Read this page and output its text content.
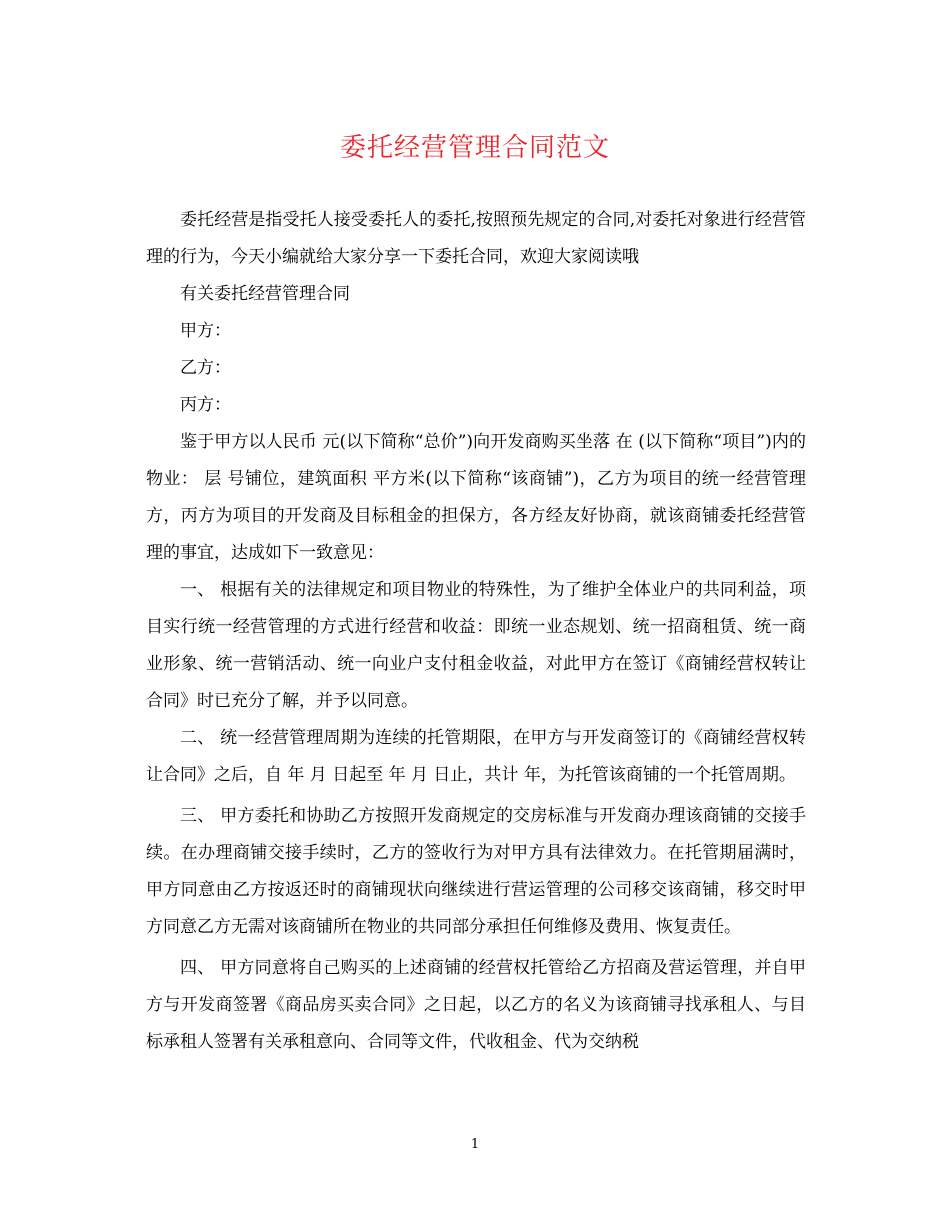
委托经营管理合同范文

委托经营是指受托人接受委托人的委托,按照预先规定的合同,对委托对象进行经营管理的行为，今天小编就给大家分享一下委托合同，欢迎大家阅读哦

有关委托经营管理合同

甲方：

乙方：

丙方：

鉴于甲方以人民币 元(以下简称“总价”)向开发商购买坐落 在 (以下简称“项目”)内的物业： 层 号铺位，建筑面积 平方米(以下简称“该商铺”)，乙方为项目的统一经营管理方，丙方为项目的开发商及目标租金的担保方，各方经友好协商，就该商铺委托经营管理的事宜，达成如下一致意见：

一、 根据有关的法律规定和项目物业的特殊性，为了维护全体业户的共同利益，项目实行统一经营管理的方式进行经营和收益：即统一业态规划、统一招商租赁、统一商业形象、统一营销活动、统一向业户支付租金收益，对此甲方在签订《商铺经营权转让合同》时已充分了解，并予以同意。

二、 统一经营管理周期为连续的托管期限，在甲方与开发商签订的《商铺经营权转让合同》之后，自 年 月 日起至 年 月 日止，共计 年，为托管该商铺的一个托管周期。

三、 甲方委托和协助乙方按照开发商规定的交房标准与开发商办理该商铺的交接手续。在办理商铺交接手续时，乙方的签收行为对甲方具有法律效力。在托管期届满时，甲方同意由乙方按返还时的商铺现状向继续进行营运管理的公司移交该商铺，移交时甲方同意乙方无需对该商铺所在物业的共同部分承担任何维修及费用、恢复责任。

四、 甲方同意将自己购买的上述商铺的经营权托管给乙方招商及营运管理，并自甲方与开发商签署《商品房买卖合同》之日起，以乙方的名义为该商铺寻找承租人、与目标承租人签署有关承租意向、合同等文件，代收租金、代为交纳税

1
